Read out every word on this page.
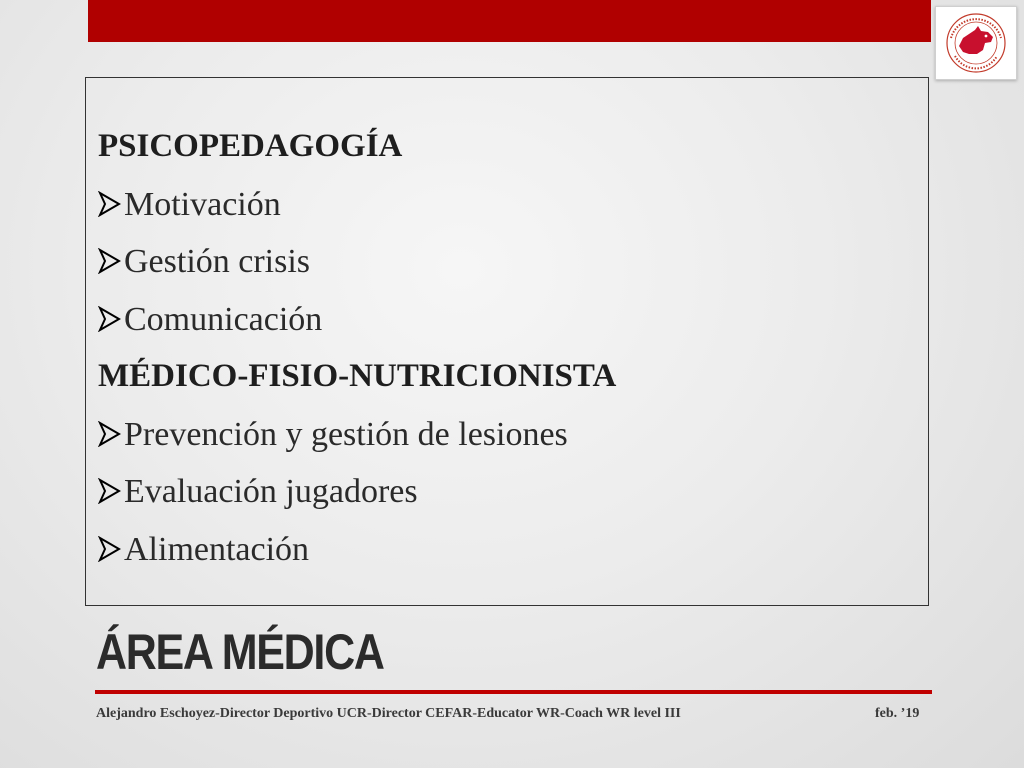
PSICOPEDAGOGÍA
Motivación
Gestión crisis
Comunicación
MÉDICO-FISIO-NUTRICIONISTA
Prevención y gestión de lesiones
Evaluación jugadores
Alimentación
ÁREA MÉDICA
Alejandro Eschoyez-Director Deportivo UCR-Director CEFAR-Educator WR-Coach WR level III	feb. ’19
